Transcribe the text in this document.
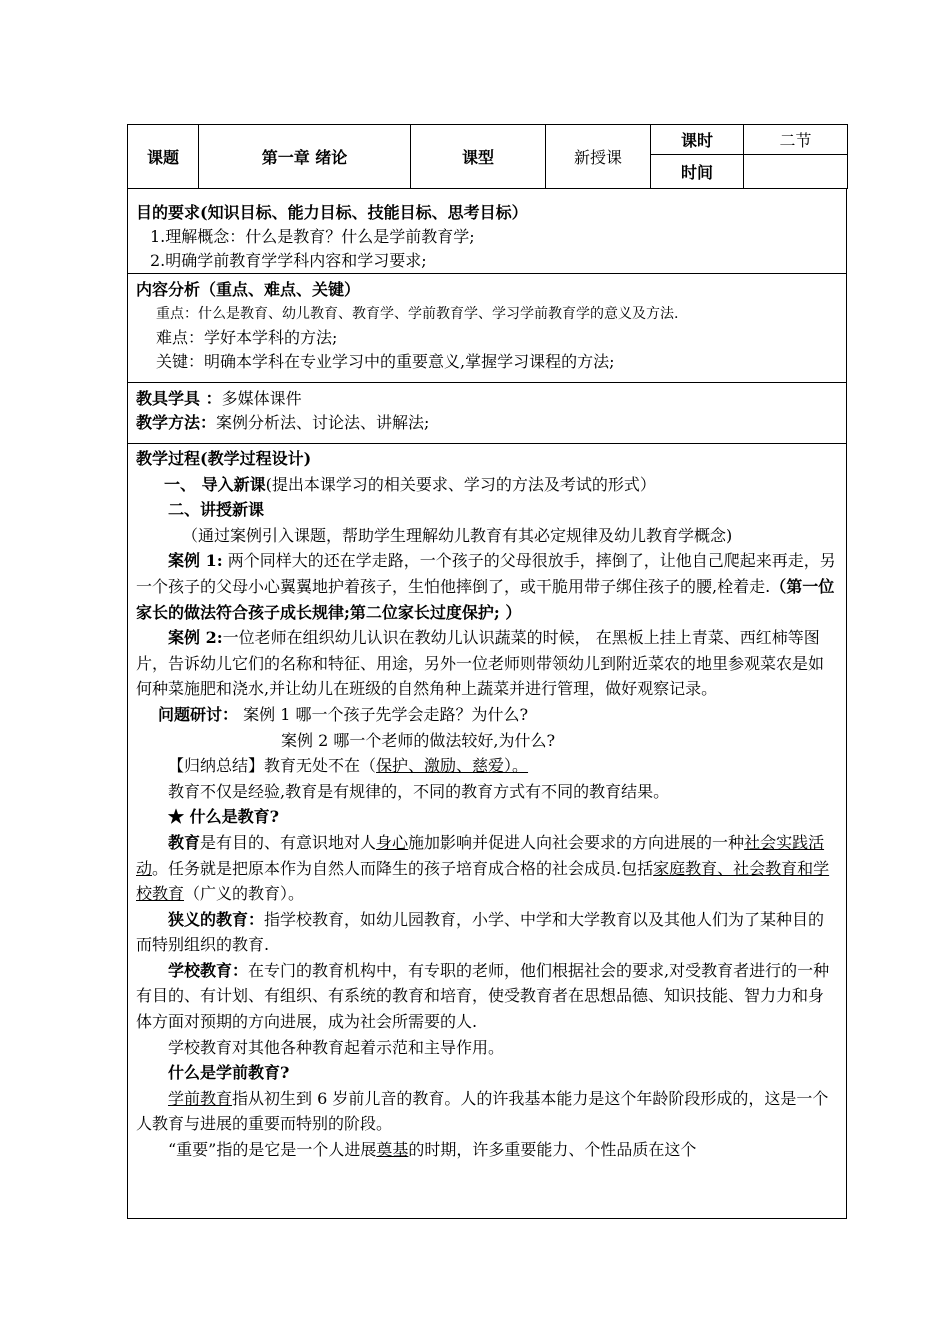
课题	第一章 绪论	课型	新授课	课时	二节
				时间	

目的要求(知识目标、能力目标、技能目标、思考目标）

1.理解概念：什么是教育？什么是学前教育学;

2.明确学前教育学学科内容和学习要求;

内容分析（重点、难点、关键）

重点：什么是教育、幼儿教育、教育学、学前教育学、学习学前教育学的意义及方法.

难点：学好本学科的方法;

关键：明确本学科在专业学习中的重要意义,掌握学习课程的方法;

教具学具 ：多媒体课件

教学方法：案例分析法、讨论法、讲解法;

教学过程(教学过程设计)

一、 导入新课(提出本课学习的相关要求、学习的方法及考试的形式）

二、讲授新课

（通过案例引入课题，帮助学生理解幼儿教育有其必定规律及幼儿教育学概念)

案例 1: 两个同样大的还在学走路，一个孩子的父母很放手，摔倒了，让他自己爬起来再走，另一个孩子的父母小心翼翼地护着孩子，生怕他摔倒了，或干脆用带子绑住孩子的腰,栓着走.（第一位家长的做法符合孩子成长规律;第二位家长过度保护; ）

案例 2:一位老师在组织幼儿认识在教幼儿认识蔬菜的时候， 在黑板上挂上青菜、西红柿等图片，告诉幼儿它们的名称和特征、用途，另外一位老师则带领幼儿到附近菜农的地里参观菜农是如何种菜施肥和浇水,并让幼儿在班级的自然角种上蔬菜并进行管理，做好观察记录。

问题研讨： 案例 1 哪一个孩子先学会走路？为什么?

案例 2 哪一个老师的做法较好,为什么?

【归纳总结】教育无处不在（保护、激励、慈爱）。

教育不仅是经验,教育是有规律的，不同的教育方式有不同的教育结果。

★ 什么是教育?

教育是有目的、有意识地对人身心施加影响并促进人向社会要求的方向进展的一种社会实践活动。任务就是把原本作为自然人而降生的孩子培育成合格的社会成员.包括家庭教育、社会教育和学校教育（广义的教育）。

狭义的教育：指学校教育，如幼儿园教育，小学、中学和大学教育以及其他人们为了某种目的而特别组织的教育.

学校教育：在专门的教育机构中，有专职的老师，他们根据社会的要求,对受教育者进行的一种有目的、有计划、有组织、有系统的教育和培育，使受教育者在思想品德、知识技能、智力力和身体方面对预期的方向进展，成为社会所需要的人.

学校教育对其他各种教育起着示范和主导作用。

什么是学前教育?

学前教育指从初生到 6 岁前儿音的教育。人的许我基本能力是这个年龄阶段形成的，这是一个人教育与进展的重要而特别的阶段。

“重要”指的是它是一个人进展奠基的时期，许多重要能力、个性品质在这个
